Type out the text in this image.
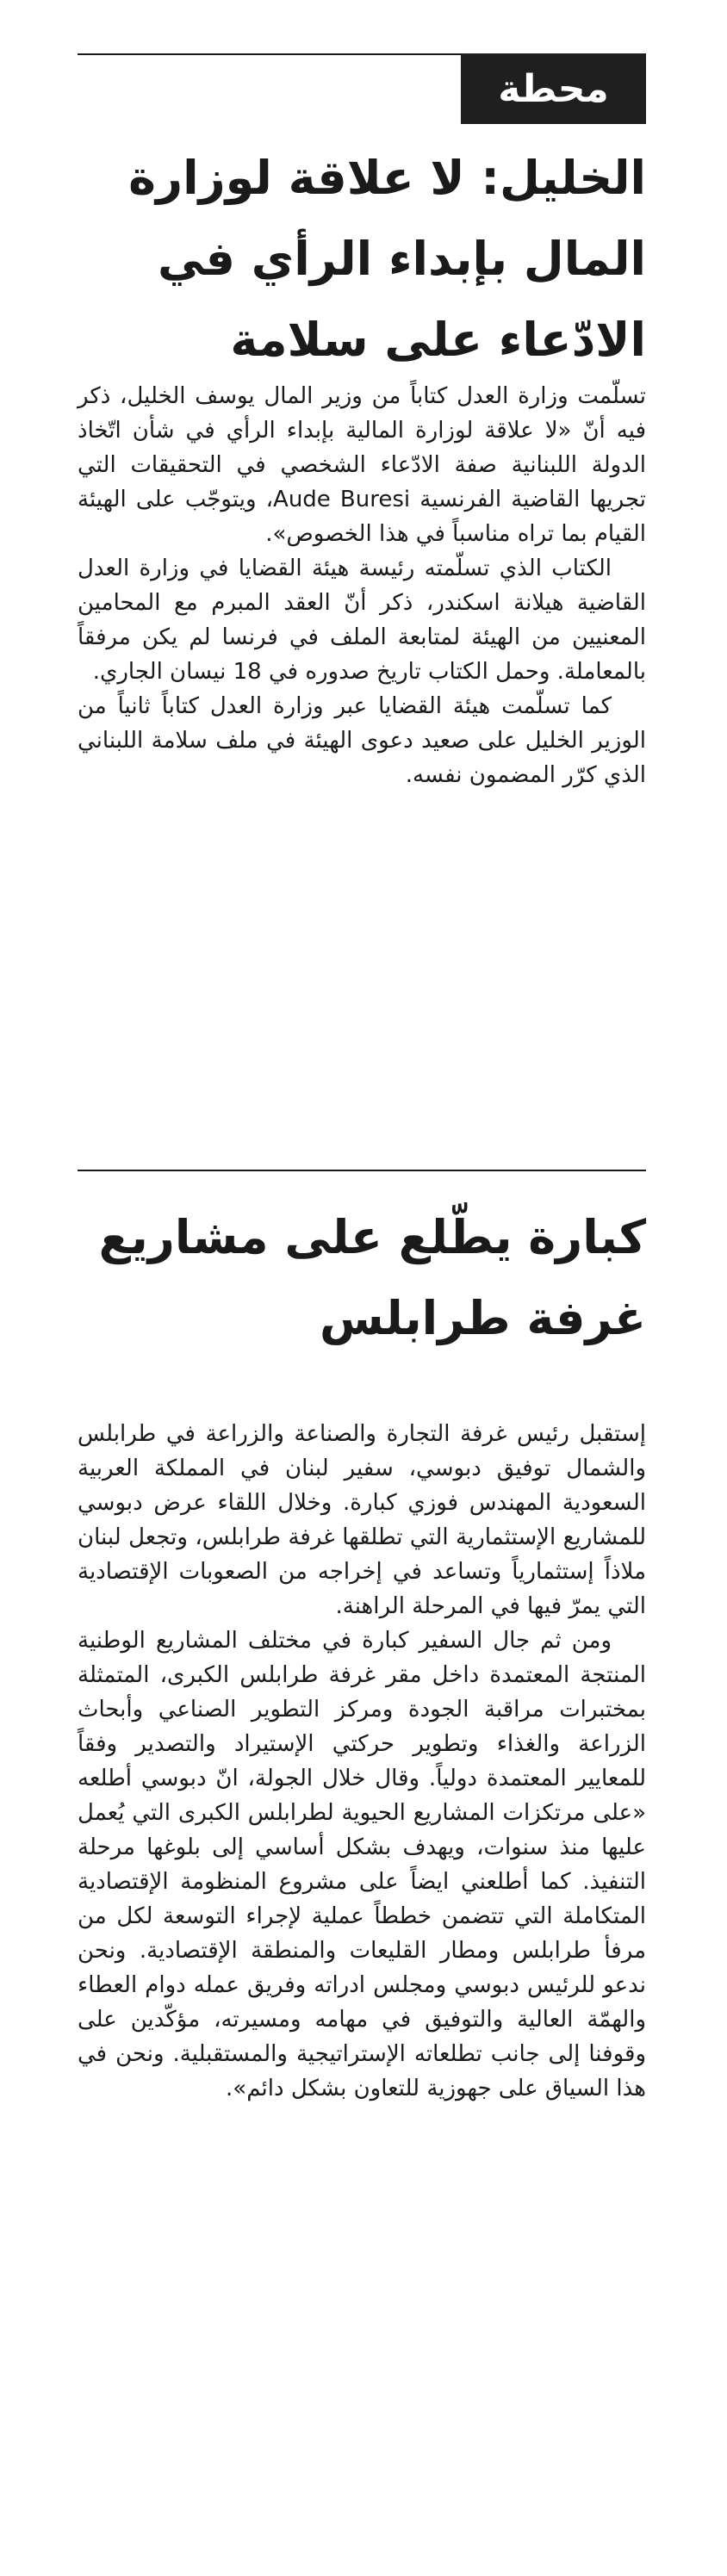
محطة
الخليل: لا علاقة لوزارة المال بإبداء الرأي في الادّعاء على سلامة

تسلّمت وزارة العدل كتاباً من وزير المال يوسف الخليل، ذكر فيه أنّ «لا علاقة لوزارة المالية بإبداء الرأي في شأن اتّخاذ الدولة اللبنانية صفة الادّعاء الشخصي في التحقيقات التي تجريها القاضية الفرنسية Aude Buresi، ويتوجّب على الهيئة القيام بما تراه مناسباً في هذا الخصوص».

الكتاب الذي تسلّمته رئيسة هيئة القضايا في وزارة العدل القاضية هيلانة اسكندر، ذكر أنّ العقد المبرم مع المحامين المعنيين من الهيئة لمتابعة الملف في فرنسا لم يكن مرفقاً بالمعاملة. وحمل الكتاب تاريخ صدوره في 18 نيسان الجاري.

كما تسلّمت هيئة القضايا عبر وزارة العدل كتاباً ثانياً من الوزير الخليل على صعيد دعوى الهيئة في ملف سلامة اللبناني الذي كرّر المضمون نفسه.

كبارة يطّلع على مشاريع غرفة طرابلس

إستقبل رئيس غرفة التجارة والصناعة والزراعة في طرابلس والشمال توفيق دبوسي، سفير لبنان في المملكة العربية السعودية المهندس فوزي كبارة. وخلال اللقاء عرض دبوسي للمشاريع الإستثمارية التي تطلقها غرفة طرابلس، وتجعل لبنان ملاذاً إستثمارياً وتساعد في إخراجه من الصعوبات الإقتصادية التي يمرّ فيها في المرحلة الراهنة.

ومن ثم جال السفير كبارة في مختلف المشاريع الوطنية المنتجة المعتمدة داخل مقر غرفة طرابلس الكبرى، المتمثلة بمختبرات مراقبة الجودة ومركز التطوير الصناعي وأبحاث الزراعة والغذاء وتطوير حركتي الإستيراد والتصدير وفقاً للمعايير المعتمدة دولياً. وقال خلال الجولة، انّ دبوسي أطلعه «على مرتكزات المشاريع الحيوية لطرابلس الكبرى التي يُعمل عليها منذ سنوات، ويهدف بشكل أساسي إلى بلوغها مرحلة التنفيذ. كما أطلعني ايضاً على مشروع المنظومة الإقتصادية المتكاملة التي تتضمن خططاً عملية لإجراء التوسعة لكل من مرفأ طرابلس ومطار القليعات والمنطقة الإقتصادية. ونحن ندعو للرئيس دبوسي ومجلس ادراته وفريق عمله دوام العطاء والهمّة العالية والتوفيق في مهامه ومسيرته، مؤكّدين على وقوفنا إلى جانب تطلعاته الإستراتيجية والمستقبلية. ونحن في هذا السياق على جهوزية للتعاون بشكل دائم».
